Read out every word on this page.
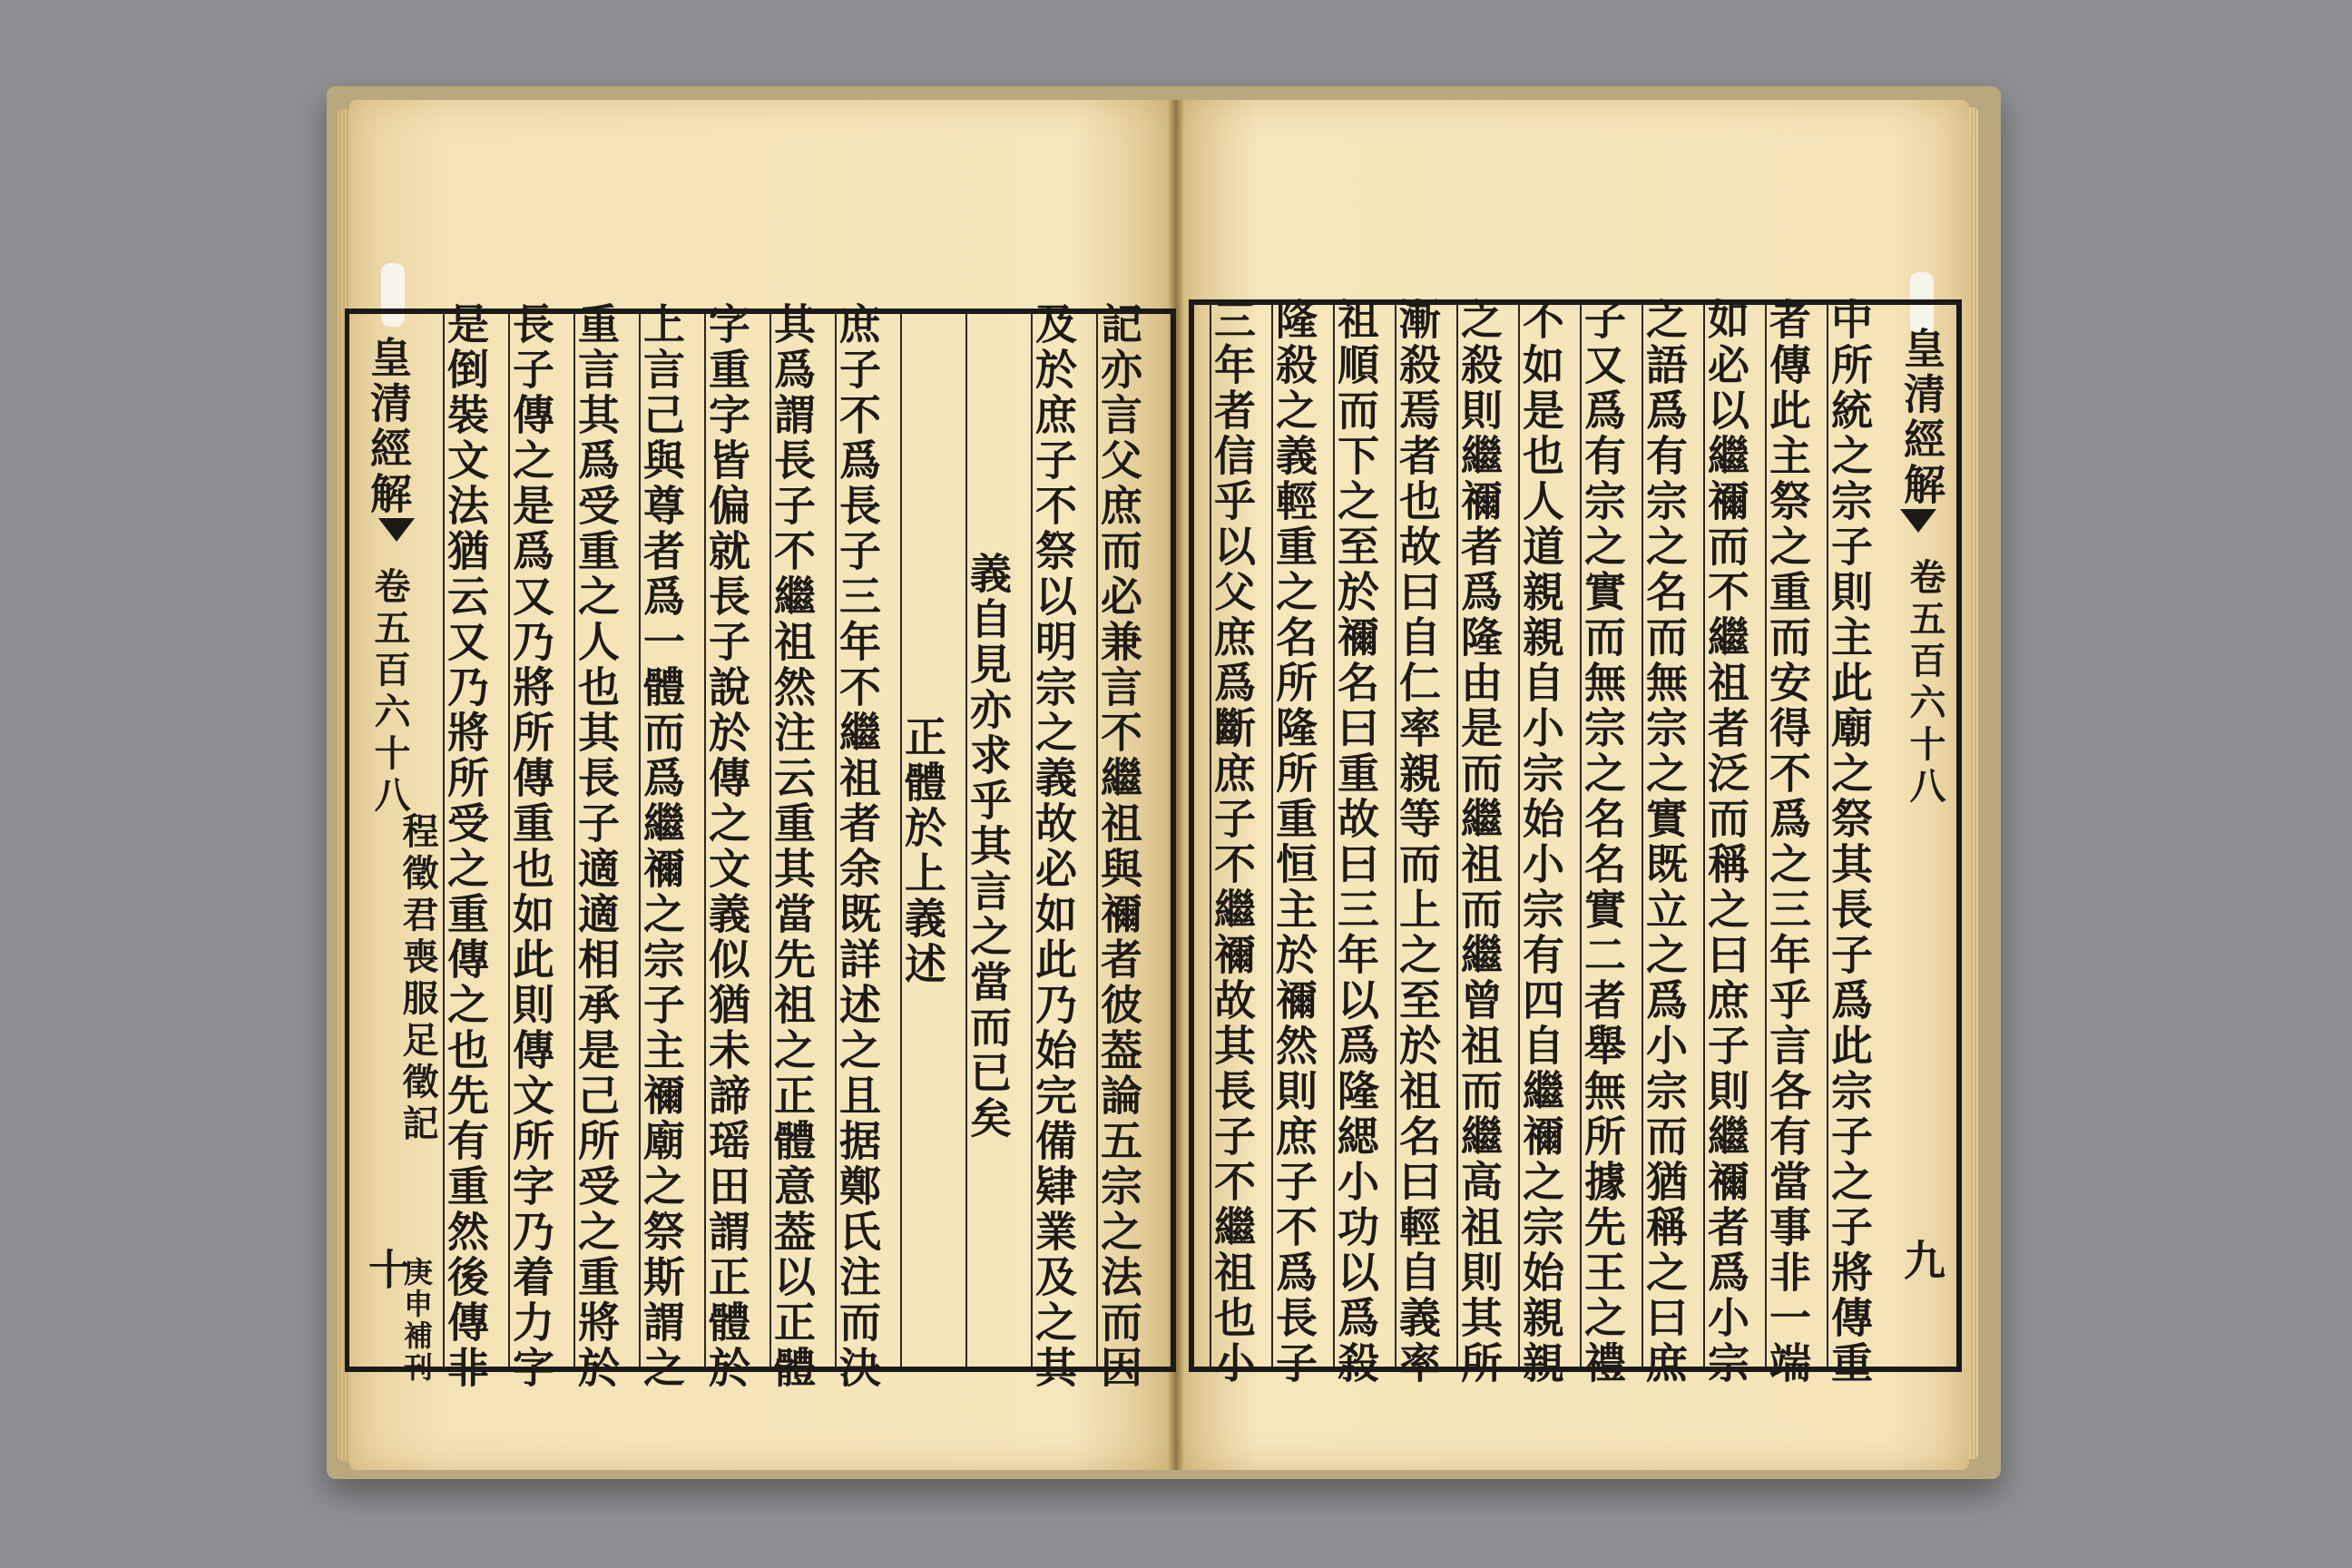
皇清經解
卷五百六十八
程徵君喪服足徵記
十
庚申補刊	記亦言父庶而必兼言不繼祖與禰者彼葢論五宗之法而因
及於庶子不祭以明宗之義故必如此乃始完備肄業及之其
義自見亦求乎其言之當而已矣
正體於上義述
庶子不爲長子三年不繼祖者余既詳述之且据鄭氏注而決
其爲謂長子不繼祖然注云重其當先祖之正體意葢以正體
字重字皆偏就長子說於傳之文義似猶未諦瑶田謂正體於
上言己與尊者爲一體而爲繼禰之宗子主禰廟之祭斯謂之
重言其爲受重之人也其長子適適相承是己所受之重將於
長子傳之是爲又乃將所傳重也如此則傳文所字乃着力字
是倒裝文法猶云又乃將所受之重傳之也先有重然後傳非	皇清經解
卷五百六十八
九
中所統之宗子則主此廟之祭其長子爲此宗子之子將傳重
者傳此主祭之重而安得不爲之三年乎言各有當事非一端
如必以繼禰而不繼祖者泛而稱之曰庶子則繼禰者爲小宗
之語爲有宗之名而無宗之實既立之爲小宗而猶稱之曰庶
子又爲有宗之實而無宗之名名實二者舉無所據先王之禮
不如是也人道親親自小宗始小宗有四自繼禰之宗始親親
之殺則繼禰者爲隆由是而繼祖而繼曾祖而繼高祖則其所
漸殺焉者也故曰自仁率親等而上之至於祖名曰輕自義率
祖順而下之至於禰名曰重故曰三年以爲隆緦小功以爲殺
隆殺之義輕重之名所隆所重恒主於禰然則庶子不爲長子
三年者信乎以父庶爲斷庶子不繼禰故其長子不繼祖也小
